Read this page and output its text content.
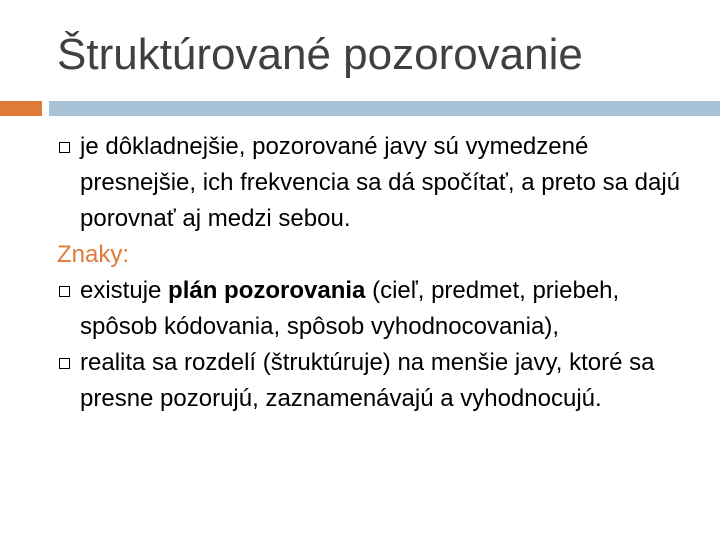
Štruktúrované pozorovanie
je dôkladnejšie, pozorované javy sú vymedzené presnejšie, ich frekvencia sa dá spočítať, a preto sa dajú porovnať aj medzi sebou.
Znaky:
existuje plán pozorovania (cieľ, predmet, priebeh, spôsob kódovania, spôsob vyhodnocovania),
realita sa rozdelí (štruktúruje) na menšie javy, ktoré sa presne pozorujú, zaznamenávajú a vyhodnocujú.
